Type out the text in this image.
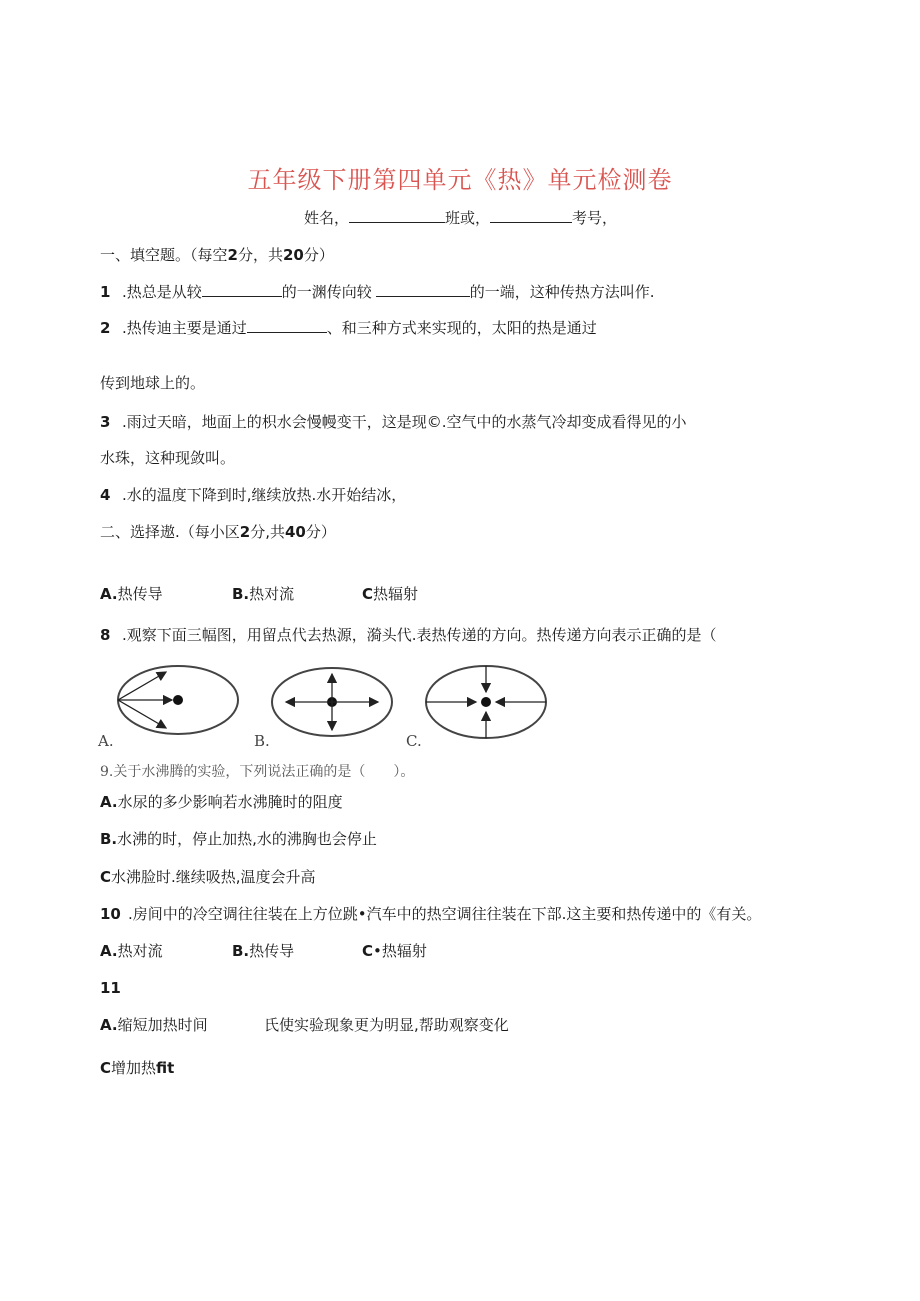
五年级下册第四单元《热》单元检测卷
姓名，	班或，	考号，
一、填空题。（每空2分，共20分）
1 .热总是从较	的一渊传向较	的一端，这种传热方法叫作.
2 .热传迪主要是通过	、和三种方式来实现的，太阳的热是通过
传到地球上的。
3 .雨过天暗，地面上的枳水会慢幔变干，这是现©.空气中的水蒸气冷却变成看得见的小
水珠，这种现敛叫。
4 .水的温度下降到时,继续放热.水开始结冰，
二、选择遨.（每小区2分,共40分）
A.热传导	B.热对流	C热辐射
8 .观察下面三幅图，用留点代去热源，漪头代.表热传递的方向。热传递方向表示正确的是（
A.	B.	C.
9.关于水沸腾的实验，下列说法正确的是（　　）。
A.水尿的多少影响若水沸腌时的阻度
B.水沸的时，停止加热,水的沸胸也会停止
C水沸脸时.继续吸热,温度会升高
10 .房间中的冷空调往往装在上方位跳•汽车中的热空调往往装在下部.这主要和热传递中的《有关。
A.热对流	B.热传导	C•热辐射
11
A.缩短加热时间	氏使实验现象更为明显,帮助观察变化
C增加热fit
